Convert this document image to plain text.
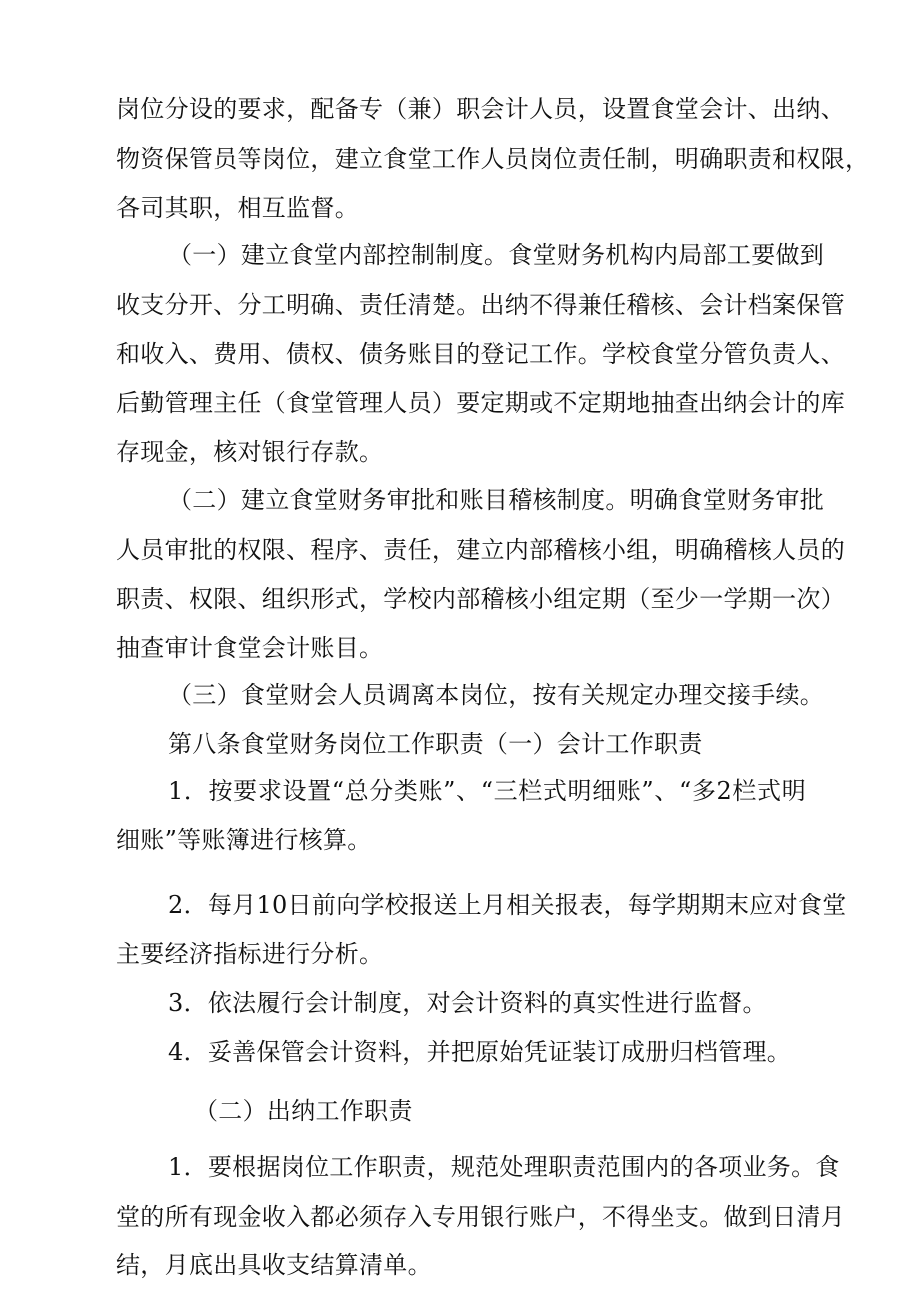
岗位分设的要求，配备专（兼）职会计人员，设置食堂会计、出纳、
物资保管员等岗位，建立食堂工作人员岗位责任制，明确职责和权限，
各司其职，相互监督。
（一）建立食堂内部控制制度。食堂财务机构内局部工要做到
收支分开、分工明确、责任清楚。出纳不得兼任稽核、会计档案保管
和收入、费用、债权、债务账目的登记工作。学校食堂分管负责人、
后勤管理主任（食堂管理人员）要定期或不定期地抽查出纳会计的库
存现金，核对银行存款。
（二）建立食堂财务审批和账目稽核制度。明确食堂财务审批
人员审批的权限、程序、责任，建立内部稽核小组，明确稽核人员的
职责、权限、组织形式，学校内部稽核小组定期（至少一学期一次）
抽查审计食堂会计账目。
（三）食堂财会人员调离本岗位，按有关规定办理交接手续。
第八条食堂财务岗位工作职责（一）会计工作职责
1．按要求设置“总分类账”、“三栏式明细账”、“多2栏式明
细账”等账簿进行核算。
2．每月10日前向学校报送上月相关报表，每学期期末应对食堂
主要经济指标进行分析。
3．依法履行会计制度，对会计资料的真实性进行监督。
4．妥善保管会计资料，并把原始凭证装订成册归档管理。
（二）出纳工作职责
1．要根据岗位工作职责，规范处理职责范围内的各项业务。食
堂的所有现金收入都必须存入专用银行账户，不得坐支。做到日清月
结，月底出具收支结算清单。
